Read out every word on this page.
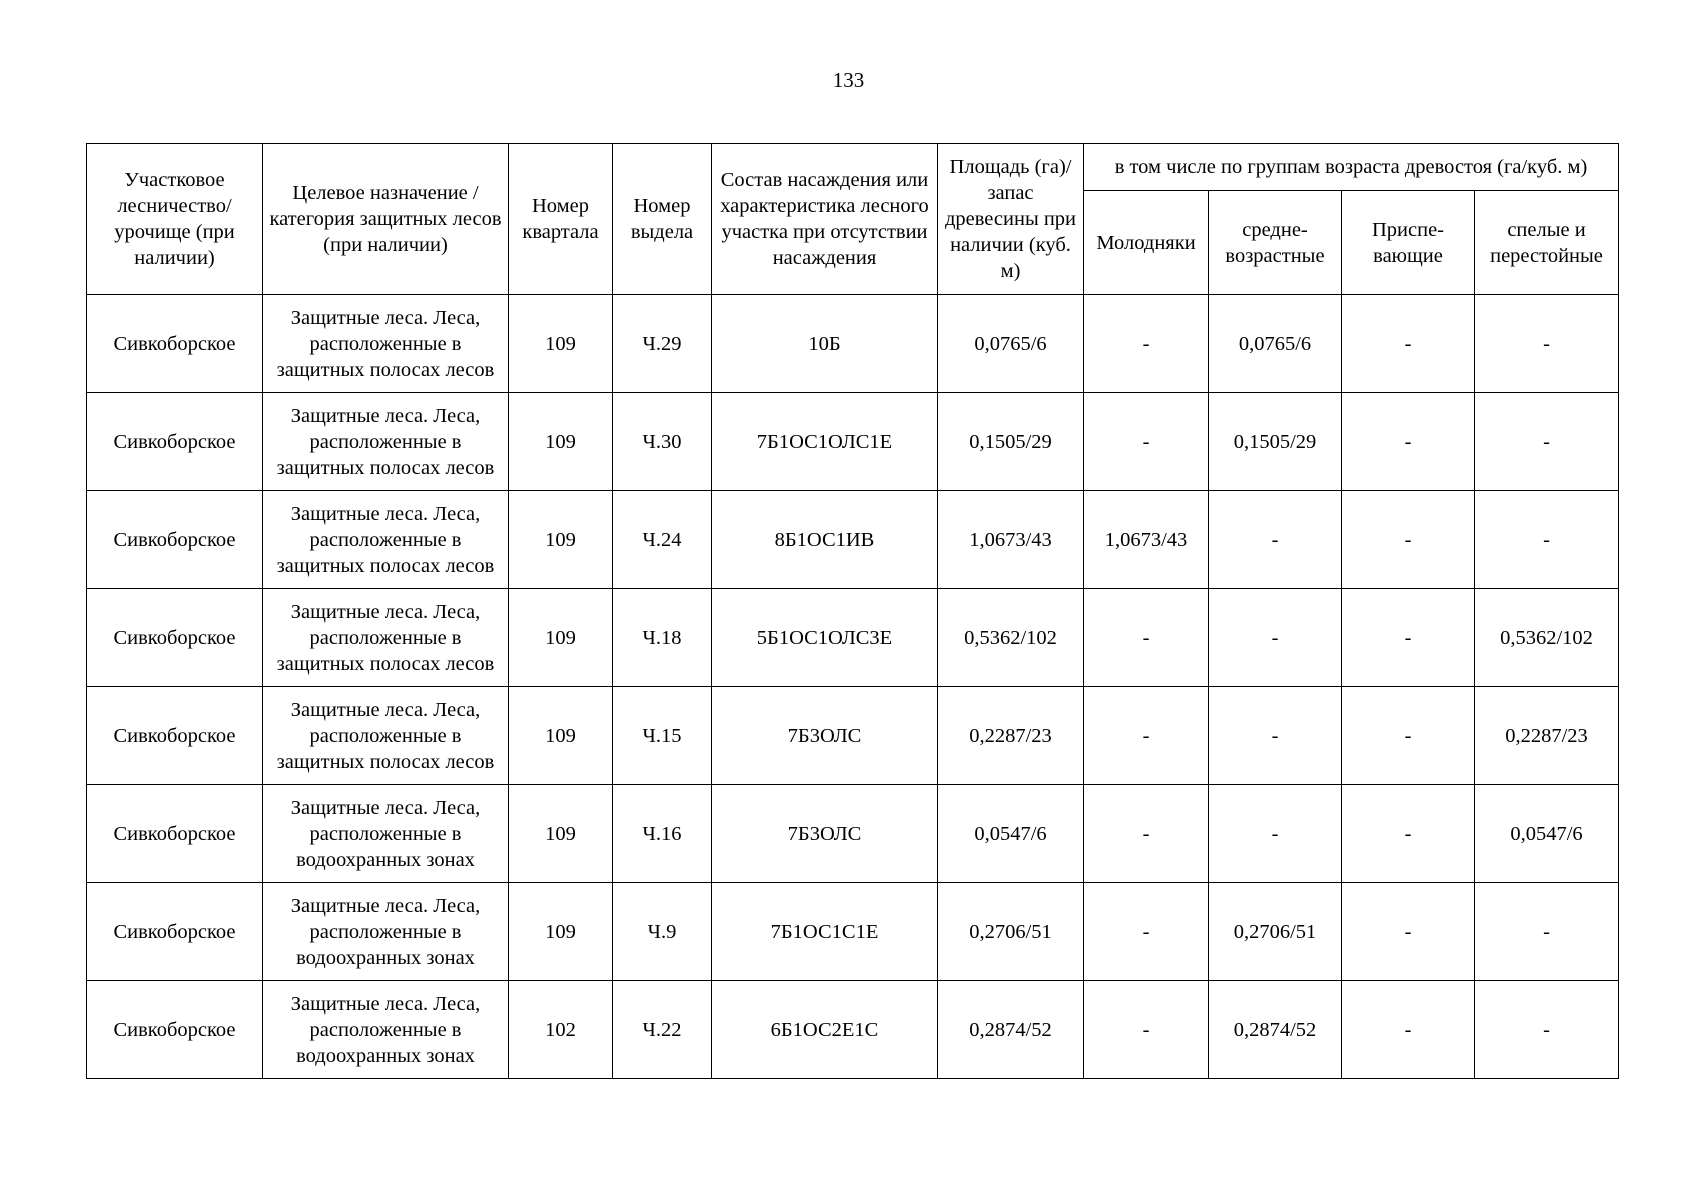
133
Участковое лесничество/ урочище (при наличии)	Целевое назначение / категория защитных лесов (при наличии)	Номер квартала	Номер выдела	Состав насаждения или характеристика лесного участка при отсутствии насаждения	Площадь (га)/ запас древесины при наличии (куб. м)	в том числе по группам возраста древостоя (га/куб. м)			
						Молодняки	средне-возрастные	Приспе-вающие	спелые и перестойные
Сивкоборское	Защитные леса. Леса, расположенные в защитных полосах лесов	109	Ч.29	10Б	0,0765/6	-	0,0765/6	-	-
Сивкоборское	Защитные леса. Леса, расположенные в защитных полосах лесов	109	Ч.30	7Б1ОС1ОЛС1Е	0,1505/29	-	0,1505/29	-	-
Сивкоборское	Защитные леса. Леса, расположенные в защитных полосах лесов	109	Ч.24	8Б1ОС1ИВ	1,0673/43	1,0673/43	-	-	-
Сивкоборское	Защитные леса. Леса, расположенные в защитных полосах лесов	109	Ч.18	5Б1ОС1ОЛС3Е	0,5362/102	-	-	-	0,5362/102
Сивкоборское	Защитные леса. Леса, расположенные в защитных полосах лесов	109	Ч.15	7Б3ОЛС	0,2287/23	-	-	-	0,2287/23
Сивкоборское	Защитные леса. Леса, расположенные в водоохранных зонах	109	Ч.16	7Б3ОЛС	0,0547/6	-	-	-	0,0547/6
Сивкоборское	Защитные леса. Леса, расположенные в водоохранных зонах	109	Ч.9	7Б1ОС1С1Е	0,2706/51	-	0,2706/51	-	-
Сивкоборское	Защитные леса. Леса, расположенные в водоохранных зонах	102	Ч.22	6Б1ОС2Е1С	0,2874/52	-	0,2874/52	-	-
